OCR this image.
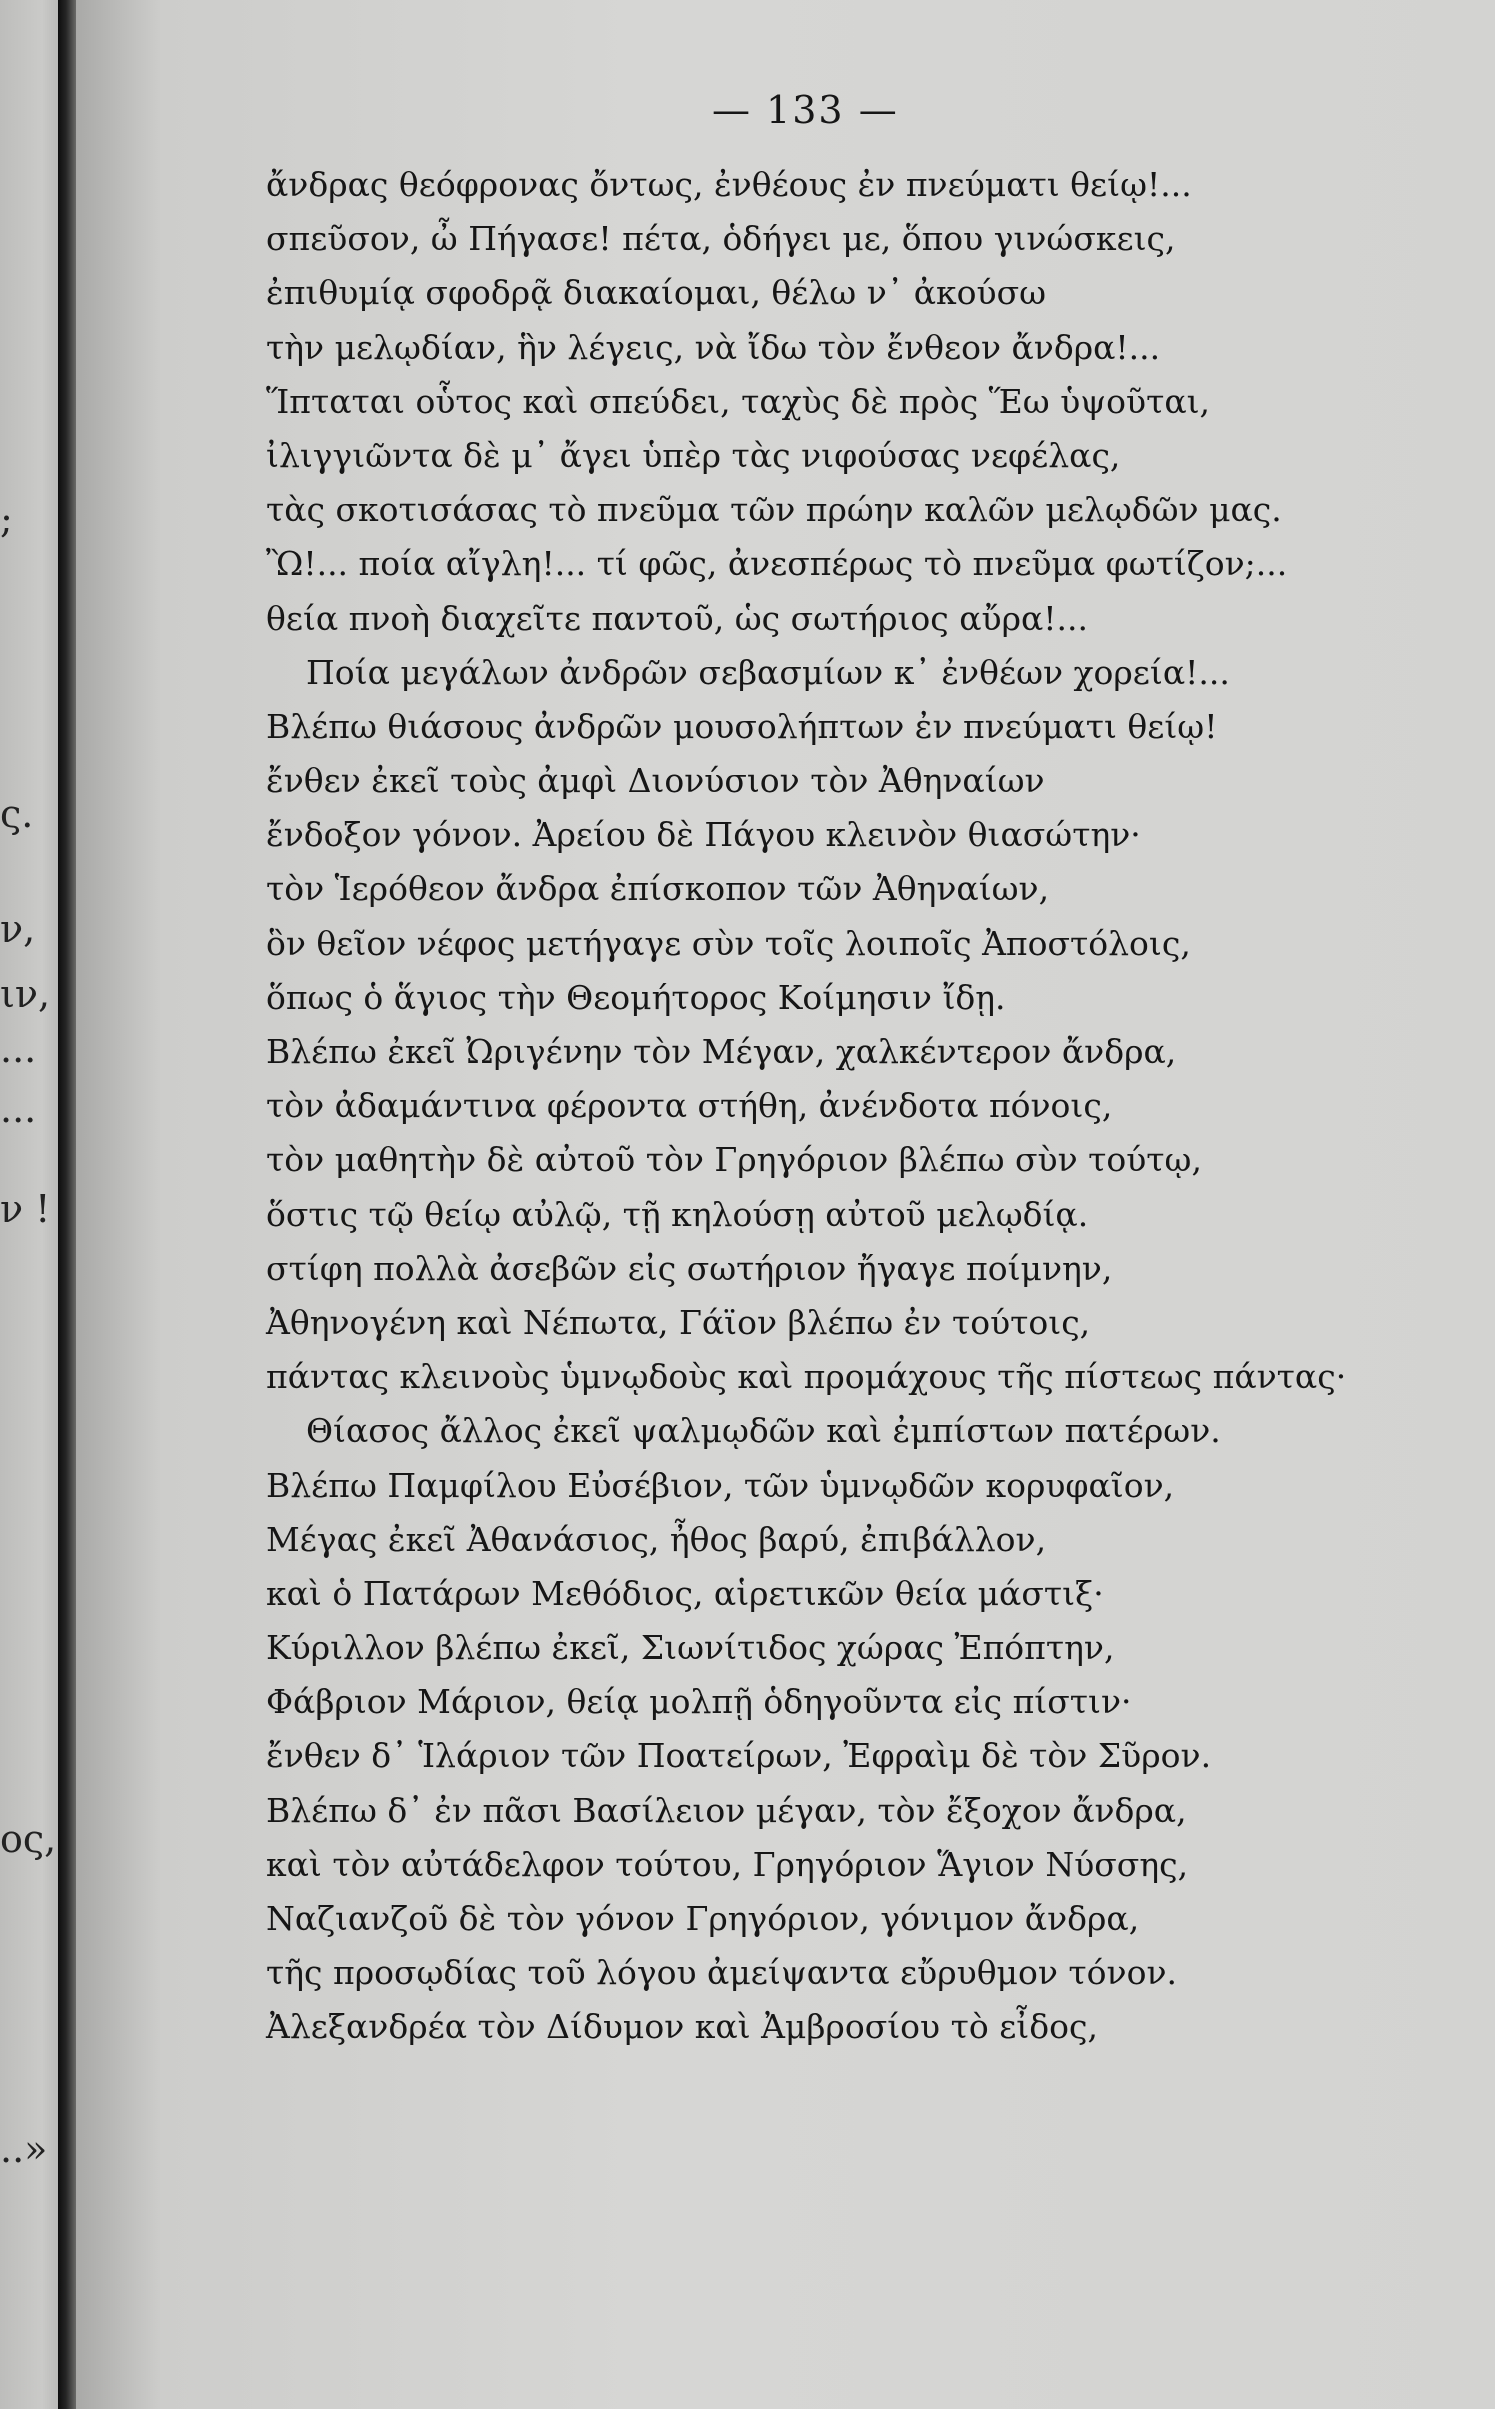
;
ς.
ν,
ιν,
...
...
ν !
ος,
..»
— 133 —
ἄνδρας θεόφρονας ὄντως, ἐνθέους ἐν πνεύματι θείῳ!...
σπεῦσον, ὦ Πήγασε! πέτα, ὁδήγει με, ὅπου γινώσκεις,
ἐπιθυμίᾳ σφοδρᾷ διακαίομαι, θέλω ν᾿ ἀκούσω
τὴν μελῳδίαν, ἣν λέγεις, νὰ ἴδω τὸν ἔνθεον ἄνδρα!...
Ἵπταται οὗτος καὶ σπεύδει, ταχὺς δὲ πρὸς Ἕω ὑψοῦται,
ἰλιγγιῶντα δὲ μ᾿ ἄγει ὑπὲρ τὰς νιφούσας νεφέλας,
τὰς σκοτισάσας τὸ πνεῦμα τῶν πρώην καλῶν μελῳδῶν μας.
Ὢ!... ποία αἴγλη!... τί φῶς, ἀνεσπέρως τὸ πνεῦμα φωτίζον;...
θεία πνοὴ διαχεῖτε παντοῦ, ὡς σωτήριος αὔρα!...
Ποία μεγάλων ἀνδρῶν σεβασμίων κ᾿ ἐνθέων χορεία!...
Βλέπω θιάσους ἀνδρῶν μουσολήπτων ἐν πνεύματι θείῳ!
ἔνθεν ἐκεῖ τοὺς ἀμφὶ Διονύσιον τὸν Ἀθηναίων
ἔνδοξον γόνον. Ἀρείου δὲ Πάγου κλεινὸν θιασώτην·
τὸν Ἱερόθεον ἄνδρα ἐπίσκοπον τῶν Ἀθηναίων,
ὃν θεῖον νέφος μετήγαγε σὺν τοῖς λοιποῖς Ἀποστόλοις,
ὅπως ὁ ἅγιος τὴν Θεομήτορος Κοίμησιν ἴδῃ.
Βλέπω ἐκεῖ Ὠριγένην τὸν Μέγαν, χαλκέντερον ἄνδρα,
τὸν ἀδαμάντινα φέροντα στήθη, ἀνένδοτα πόνοις,
τὸν μαθητὴν δὲ αὐτοῦ τὸν Γρηγόριον βλέπω σὺν τούτῳ,
ὅστις τῷ θείῳ αὐλῷ, τῇ κηλούσῃ αὐτοῦ μελῳδίᾳ.
στίφη πολλὰ ἀσεβῶν εἰς σωτήριον ἤγαγε ποίμνην,
Ἀθηνογένη καὶ Νέπωτα, Γάϊον βλέπω ἐν τούτοις,
πάντας κλεινοὺς ὑμνῳδοὺς καὶ προμάχους τῆς πίστεως πάντας·
Θίασος ἄλλος ἐκεῖ ψαλμῳδῶν καὶ ἐμπίστων πατέρων.
Βλέπω Παμφίλου Εὐσέβιον, τῶν ὑμνῳδῶν κορυφαῖον,
Μέγας ἐκεῖ Ἀθανάσιος, ἦθος βαρύ, ἐπιβάλλον,
καὶ ὁ Πατάρων Μεθόδιος, αἱρετικῶν θεία μάστιξ·
Κύριλλον βλέπω ἐκεῖ, Σιωνίτιδος χώρας Ἐπόπτην,
Φάβριον Μάριον, θείᾳ μολπῇ ὁδηγοῦντα εἰς πίστιν·
ἔνθεν δ᾿ Ἱλάριον τῶν Ποατείρων, Ἐφραὶμ δὲ τὸν Σῦρον.
Βλέπω δ᾿ ἐν πᾶσι Βασίλειον μέγαν, τὸν ἔξοχον ἄνδρα,
καὶ τὸν αὐτάδελφον τούτου, Γρηγόριον Ἅγιον Νύσσης,
Ναζιανζοῦ δὲ τὸν γόνον Γρηγόριον, γόνιμον ἄνδρα,
τῆς προσῳδίας τοῦ λόγου ἀμείψαντα εὔρυθμον τόνον.
Ἀλεξανδρέα τὸν Δίδυμον καὶ Ἀμβροσίου τὸ εἶδος,
